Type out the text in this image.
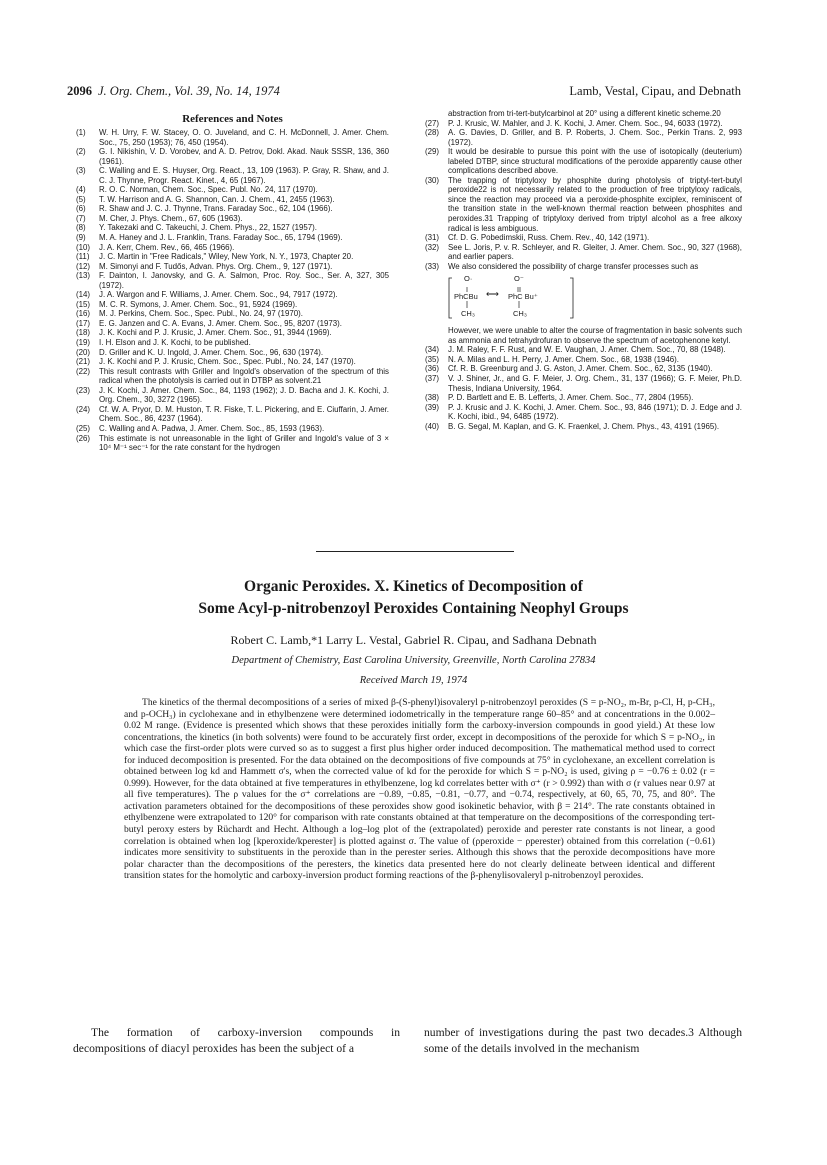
2096 J. Org. Chem., Vol. 39, No. 14, 1974	Lamb, Vestal, Cipau, and Debnath
References and Notes
(1)	W. H. Urry, F. W. Stacey, O. O. Juveland, and C. H. McDonnell, J. Amer. Chem. Soc., 75, 250 (1953); 76, 450 (1954).
(2)	G. I. Nikishin, V. D. Vorobev, and A. D. Petrov, Dokl. Akad. Nauk SSSR, 136, 360 (1961).
(3)	C. Walling and E. S. Huyser, Org. React., 13, 109 (1963). P. Gray, R. Shaw, and J. C. J. Thynne, Progr. React. Kinet., 4, 65 (1967).
(4)	R. O. C. Norman, Chem. Soc., Spec. Publ. No. 24, 117 (1970).
(5)	T. W. Harrison and A. G. Shannon, Can. J. Chem., 41, 2455 (1963).
(6)	R. Shaw and J. C. J. Thynne, Trans. Faraday Soc., 62, 104 (1966).
(7)	M. Cher, J. Phys. Chem., 67, 605 (1963).
(8)	Y. Takezaki and C. Takeuchi, J. Chem. Phys., 22, 1527 (1957).
(9)	M. A. Haney and J. L. Franklin, Trans. Faraday Soc., 65, 1794 (1969).
(10)	J. A. Kerr, Chem. Rev., 66, 465 (1966).
(11)	J. C. Martin in "Free Radicals," Wiley, New York, N. Y., 1973, Chapter 20.
(12)	M. Simonyi and F. Tudős, Advan. Phys. Org. Chem., 9, 127 (1971).
(13)	F. Dainton, I. Janovsky, and G. A. Salmon, Proc. Roy. Soc., Ser. A, 327, 305 (1972).
(14)	J. A. Wargon and F. Williams, J. Amer. Chem. Soc., 94, 7917 (1972).
(15)	M. C. R. Symons, J. Amer. Chem. Soc., 91, 5924 (1969).
(16)	M. J. Perkins, Chem. Soc., Spec. Publ., No. 24, 97 (1970).
(17)	E. G. Janzen and C. A. Evans, J. Amer. Chem. Soc., 95, 8207 (1973).
(18)	J. K. Kochi and P. J. Krusic, J. Amer. Chem. Soc., 91, 3944 (1969).
(19)	I. H. Elson and J. K. Kochi, to be published.
(20)	D. Griller and K. U. Ingold, J. Amer. Chem. Soc., 96, 630 (1974).
(21)	J. K. Kochi and P. J. Krusic, Chem. Soc., Spec. Publ., No. 24, 147 (1970).
(22)	This result contrasts with Griller and Ingold's observation of the spectrum of this radical when the photolysis is carried out in DTBP as solvent.21
(23)	J. K. Kochi, J. Amer. Chem. Soc., 84, 1193 (1962); J. D. Bacha and J. K. Kochi, J. Org. Chem., 30, 3272 (1965).
(24)	Cf. W. A. Pryor, D. M. Huston, T. R. Fiske, T. L. Pickering, and E. Ciuffarin, J. Amer. Chem. Soc., 86, 4237 (1964).
(25)	C. Walling and A. Padwa, J. Amer. Chem. Soc., 85, 1593 (1963).
(26)	This estimate is not unreasonable in the light of Griller and Ingold's value of 3 × 10⁴ M⁻¹ sec⁻¹ for the rate constant for the hydrogen
abstraction from tri-tert-butylcarbinol at 20° using a different kinetic scheme.20
(27)	P. J. Krusic, W. Mahler, and J. K. Kochi, J. Amer. Chem. Soc., 94, 6033 (1972).
(28)	A. G. Davies, D. Griller, and B. P. Roberts, J. Chem. Soc., Perkin Trans. 2, 993 (1972).
(29)	It would be desirable to pursue this point with the use of isotopically (deuterium) labeled DTBP, since structural modifications of the peroxide apparently cause other complications described above.
(30)	The trapping of triptyloxy by phosphite during photolysis of triptyl-tert-butyl peroxide22 is not necessarily related to the production of free triptyloxy radicals, since the reaction may proceed via a peroxide-phosphite exciplex, reminiscent of the transition state in the well-known thermal reaction between phosphites and peroxides.31 Trapping of triptyloxy derived from triptyl alcohol as a free alkoxy radical is less ambiguous.
(31)	Cf. D. G. Pobedimskii, Russ. Chem. Rev., 40, 142 (1971).
(32)	See L. Joris, P. v. R. Schleyer, and R. Gleiter, J. Amer. Chem. Soc., 90, 327 (1968), and earlier papers.
(33)	We also considered the possibility of charge transfer processes such as
O·	O⁻
PhCBu ⟷ PhC Bu⁺
CH₃	CH₃
However, we were unable to alter the course of fragmentation in basic solvents such as ammonia and tetrahydrofuran to observe the spectrum of acetophenone ketyl.
(34)	J. M. Raley, F. F. Rust, and W. E. Vaughan, J. Amer. Chem. Soc., 70, 88 (1948).
(35)	N. A. Milas and L. H. Perry, J. Amer. Chem. Soc., 68, 1938 (1946).
(36)	Cf. R. B. Greenburg and J. G. Aston, J. Amer. Chem. Soc., 62, 3135 (1940).
(37)	V. J. Shiner, Jr., and G. F. Meier, J. Org. Chem., 31, 137 (1966); G. F. Meier, Ph.D. Thesis, Indiana University, 1964.
(38)	P. D. Bartlett and E. B. Lefferts, J. Amer. Chem. Soc., 77, 2804 (1955).
(39)	P. J. Krusic and J. K. Kochi, J. Amer. Chem. Soc., 93, 846 (1971); D. J. Edge and J. K. Kochi, ibid., 94, 6485 (1972).
(40)	B. G. Segal, M. Kaplan, and G. K. Fraenkel, J. Chem. Phys., 43, 4191 (1965).
Organic Peroxides. X. Kinetics of Decomposition of
Some Acyl-p-nitrobenzoyl Peroxides Containing Neophyl Groups
Robert C. Lamb,*1 Larry L. Vestal, Gabriel R. Cipau, and Sadhana Debnath
Department of Chemistry, East Carolina University, Greenville, North Carolina 27834
Received March 19, 1974
The kinetics of the thermal decompositions of a series of mixed β-(S-phenyl)isovaleryl p-nitrobenzoyl peroxides (S = p-NO₂, m-Br, p-Cl, H, p-CH₃, and p-OCH₃) in cyclohexane and in ethylbenzene were determined iodometrically in the temperature range 60–85° and at concentrations in the 0.002–0.02 M range. (Evidence is presented which shows that these peroxides initially form the carboxy-inversion compounds in good yield.) At these low concentrations, the kinetics (in both solvents) were found to be accurately first order, except in decompositions of the peroxide for which S = p-NO₂, in which case the first-order plots were curved so as to suggest a first plus higher order induced decomposition. The mathematical method used to correct for induced decomposition is presented. For the data obtained on the decompositions of five compounds at 75° in cyclohexane, an excellent correlation is obtained between log kd and Hammett σ's, when the corrected value of kd for the peroxide for which S = p-NO₂ is used, giving ρ = −0.76 ± 0.02 (r = 0.999). However, for the data obtained at five temperatures in ethylbenzene, log kd correlates better with σ⁺ (r > 0.992) than with σ (r values near 0.97 at all five temperatures). The ρ values for the σ⁺ correlations are −0.89, −0.85, −0.81, −0.77, and −0.74, respectively, at 60, 65, 70, 75, and 80°. The activation parameters obtained for the decompositions of these peroxides show good isokinetic behavior, with β = 214°. The rate constants obtained in ethylbenzene were extrapolated to 120° for comparison with rate constants obtained at that temperature on the decompositions of the corresponding tert-butyl peroxy esters by Rüchardt and Hecht. Although a log–log plot of the (extrapolated) peroxide and perester rate constants is not linear, a good correlation is obtained when log [kperoxide/kperester] is plotted against σ. The value of (ρperoxide − ρperester) obtained from this correlation (−0.61) indicates more sensitivity to substituents in the peroxide than in the perester series. Although this shows that the peroxide decompositions have more polar character than the decompositions of the peresters, the kinetics data presented here do not clearly delineate between identical and different transition states for the homolytic and carboxy-inversion product forming reactions of the β-phenylisovaleryl p-nitrobenzoyl peroxides.
The formation of carboxy-inversion compounds in decompositions of diacyl peroxides has been the subject of a
number of investigations during the past two decades.3 Although some of the details involved in the mechanism
